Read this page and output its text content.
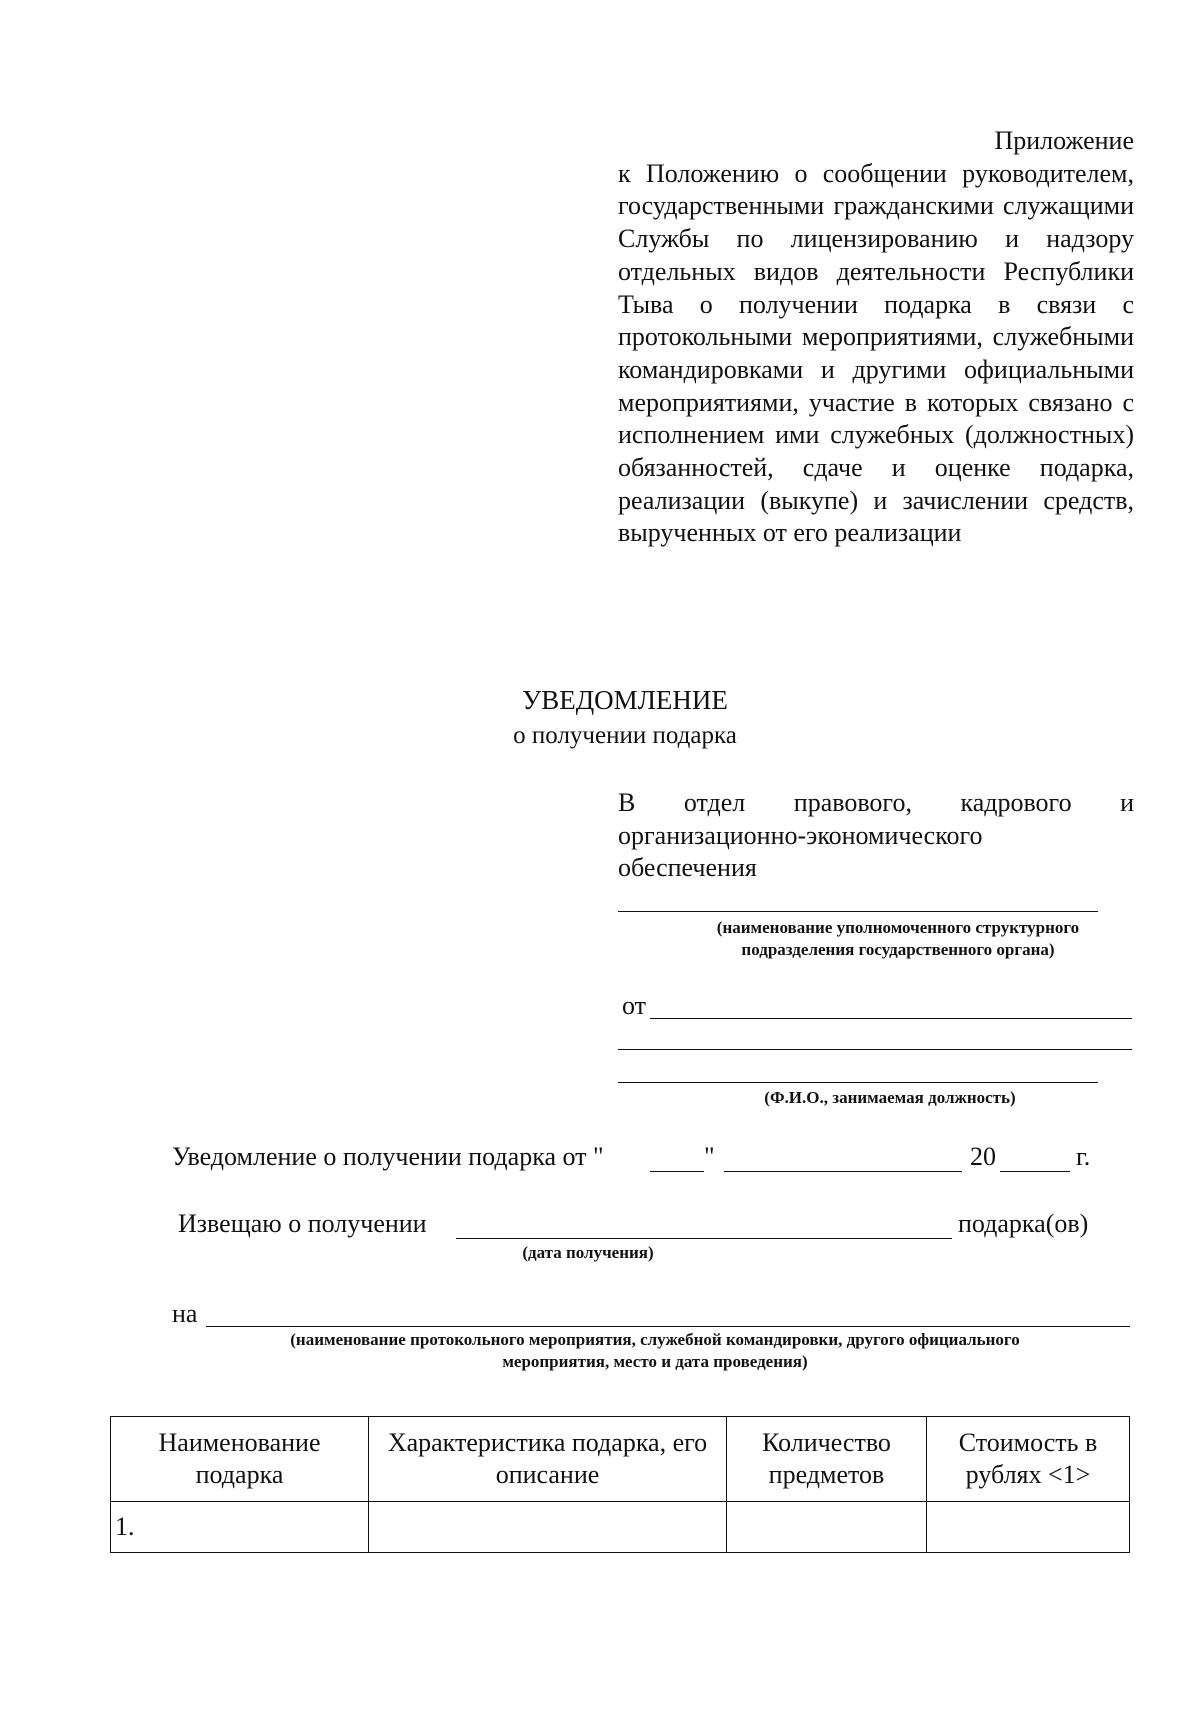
Приложение
к Положению о сообщении руководителем, государственными гражданскими служащими Службы по лицензированию и надзору отдельных видов деятельности Республики Тыва о получении подарка в связи с протокольными мероприятиями, служебными командировками и другими официальными мероприятиями, участие в которых связано с исполнением ими служебных (должностных) обязанностей, сдаче и оценке подарка, реализации (выкупе) и зачислении средств, вырученных от его реализации
УВЕДОМЛЕНИЕ
о получении подарка
В отдел правового, кадрового и
организационно-экономического
обеспечения
(наименование уполномоченного структурного
подразделения государственного органа)
от
(Ф.И.О., занимаемая должность)
Уведомление о получении подарка от "	"	20	г.
Извещаю о получении	подарка(ов)
(дата получения)
на
(наименование протокольного мероприятия, служебной командировки, другого официального
мероприятия, место и дата проведения)
Наименование подарка	Характеристика подарка, его описание	Количество предметов	Стоимость в рублях <1>
1.			
